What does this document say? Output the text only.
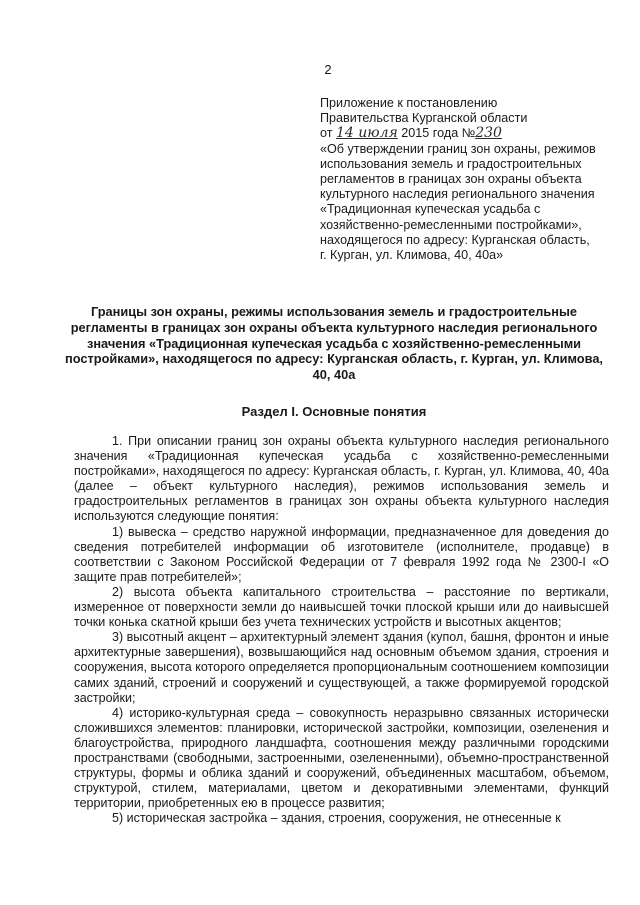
2
Приложение к постановлению
Правительства Курганской области
от 14 июля 2015 года №230
«Об утверждении границ зон охраны, режимов
использования земель и градостроительных
регламентов в границах зон охраны объекта
культурного наследия регионального значения
«Традиционная купеческая усадьба с
хозяйственно-ремесленными постройками»,
находящегося по адресу: Курганская область,
г. Курган, ул. Климова, 40, 40а»
Границы зон охраны, режимы использования земель и градостроительные регламенты в границах зон охраны объекта культурного наследия регионального значения «Традиционная купеческая усадьба с хозяйственно-ремесленными постройками», находящегося по адресу: Курганская область, г. Курган, ул. Климова, 40, 40а
Раздел I. Основные понятия

1. При описании границ зон охраны объекта культурного наследия регионального значения «Традиционная купеческая усадьба с хозяйственно-ремесленными постройками», находящегося по адресу: Курганская область, г. Курган, ул. Климова, 40, 40а (далее – объект культурного наследия), режимов использования земель и градостроительных регламентов в границах зон охраны объекта культурного наследия используются следующие понятия:

1) вывеска – средство наружной информации, предназначенное для доведения до сведения потребителей информации об изготовителе (исполнителе, продавце) в соответствии с Законом Российской Федерации от 7 февраля 1992 года № 2300-I «О защите прав потребителей»;

2) высота объекта капитального строительства – расстояние по вертикали, измеренное от поверхности земли до наивысшей точки плоской крыши или до наивысшей точки конька скатной крыши без учета технических устройств и высотных акцентов;

3) высотный акцент – архитектурный элемент здания (купол, башня, фронтон и иные архитектурные завершения), возвышающийся над основным объемом здания, строения и сооружения, высота которого определяется пропорциональным соотношением композиции самих зданий, строений и сооружений и существующей, а также формируемой городской застройки;

4) историко-культурная среда – совокупность неразрывно связанных исторически сложившихся элементов: планировки, исторической застройки, композиции, озеленения и благоустройства, природного ландшафта, соотношения между различными городскими пространствами (свободными, застроенными, озелененными), объемно-пространственной структуры, формы и облика зданий и сооружений, объединенных масштабом, объемом, структурой, стилем, материалами, цветом и декоративными элементами, функций территории, приобретенных ею в процессе развития;

5) историческая застройка – здания, строения, сооружения, не отнесенные к
